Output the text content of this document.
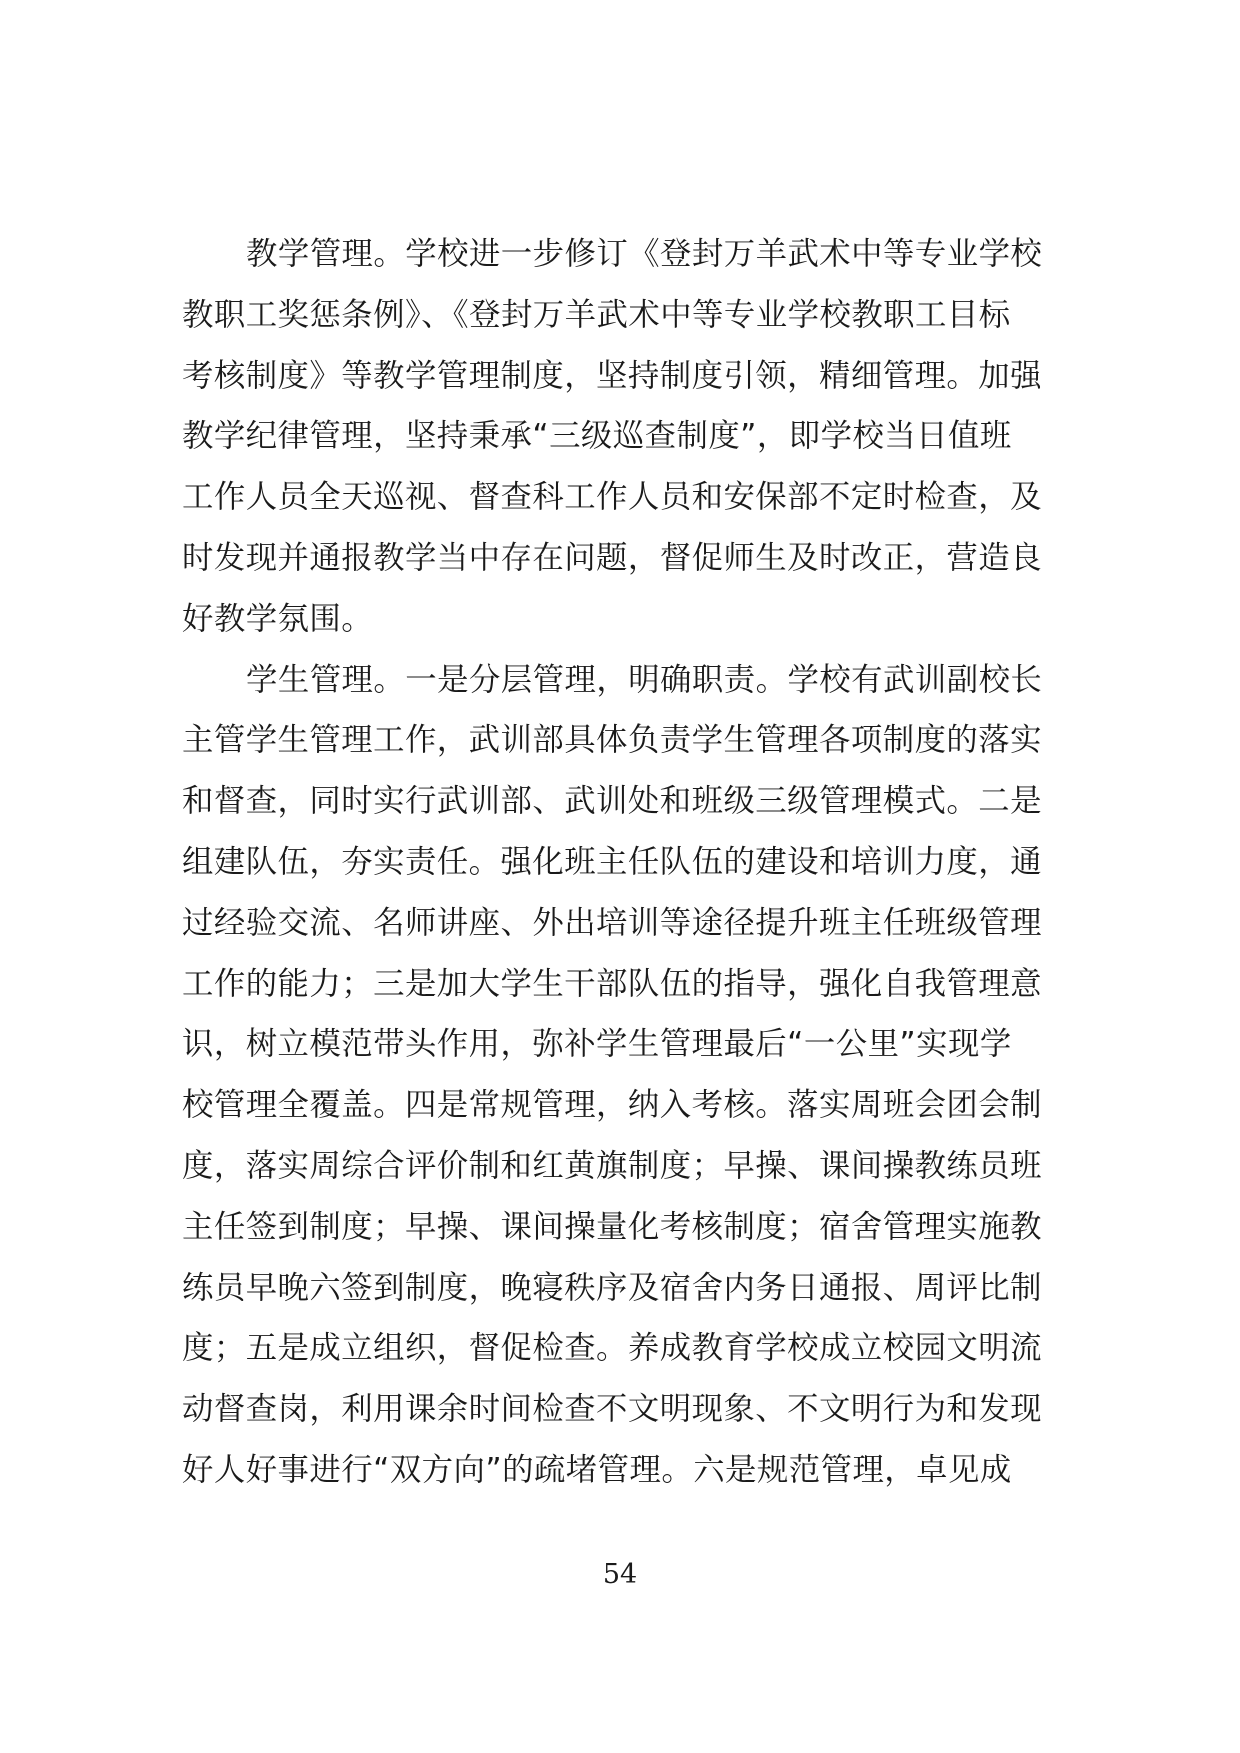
教学管理。学校进一步修订《登封万羊武术中等专业学校
教职工奖惩条例》、《登封万羊武术中等专业学校教职工目标
考核制度》等教学管理制度，坚持制度引领，精细管理。加强
教学纪律管理，坚持秉承“三级巡查制度”，即学校当日值班
工作人员全天巡视、督查科工作人员和安保部不定时检查，及
时发现并通报教学当中存在问题，督促师生及时改正，营造良
好教学氛围。
学生管理。一是分层管理，明确职责。学校有武训副校长
主管学生管理工作，武训部具体负责学生管理各项制度的落实
和督查，同时实行武训部、武训处和班级三级管理模式。二是
组建队伍，夯实责任。强化班主任队伍的建设和培训力度，通
过经验交流、名师讲座、外出培训等途径提升班主任班级管理
工作的能力；三是加大学生干部队伍的指导，强化自我管理意
识，树立模范带头作用，弥补学生管理最后“一公里”实现学
校管理全覆盖。四是常规管理，纳入考核。落实周班会团会制
度，落实周综合评价制和红黄旗制度；早操、课间操教练员班
主任签到制度；早操、课间操量化考核制度；宿舍管理实施教
练员早晚六签到制度，晚寝秩序及宿舍内务日通报、周评比制
度；五是成立组织，督促检查。养成教育学校成立校园文明流
动督查岗，利用课余时间检查不文明现象、不文明行为和发现
好人好事进行“双方向”的疏堵管理。六是规范管理，卓见成
54
